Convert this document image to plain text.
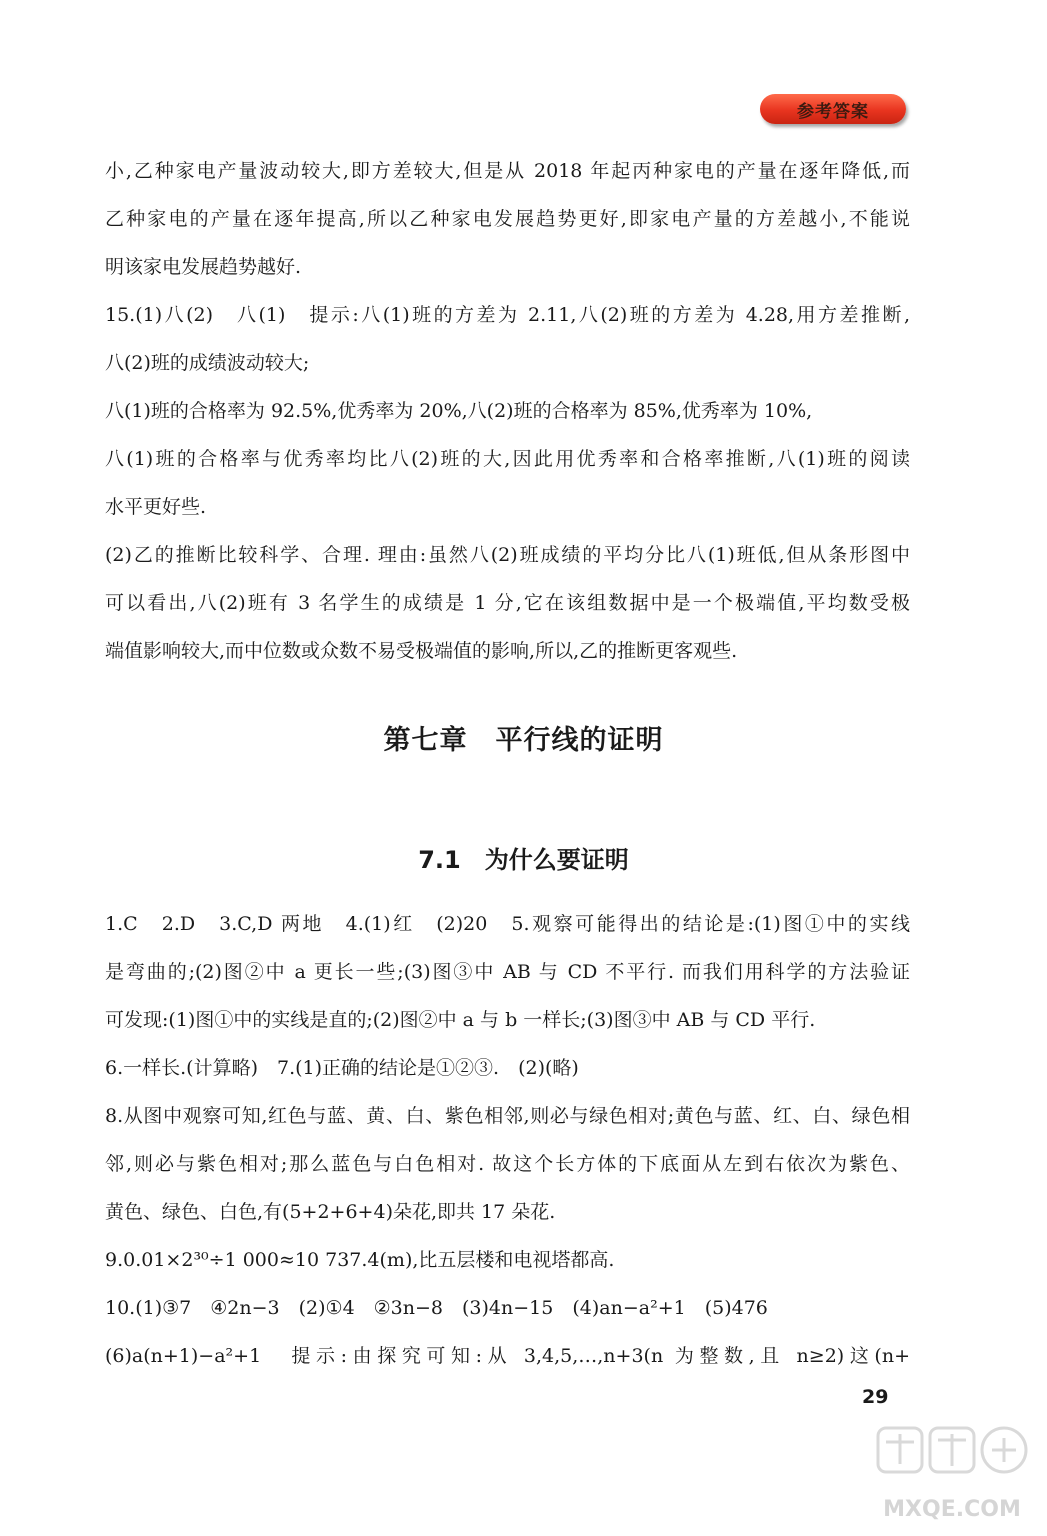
参考答案
小,乙种家电产量波动较大,即方差较大,但是从 2018 年起丙种家电的产量在逐年降低,而
乙种家电的产量在逐年提高,所以乙种家电发展趋势更好,即家电产量的方差越小,不能说
明该家电发展趋势越好.
15.(1)八(2)　八(1)　提示:八(1)班的方差为 2.11,八(2)班的方差为 4.28,用方差推断,
八(2)班的成绩波动较大;
八(1)班的合格率为 92.5%,优秀率为 20%,八(2)班的合格率为 85%,优秀率为 10%,
八(1)班的合格率与优秀率均比八(2)班的大,因此用优秀率和合格率推断,八(1)班的阅读
水平更好些.
(2)乙的推断比较科学、合理. 理由:虽然八(2)班成绩的平均分比八(1)班低,但从条形图中
可以看出,八(2)班有 3 名学生的成绩是 1 分,它在该组数据中是一个极端值,平均数受极
端值影响较大,而中位数或众数不易受极端值的影响,所以,乙的推断更客观些.
第七章　平行线的证明
7.1　为什么要证明
1.C　2.D　3.C,D 两地　4.(1)红　(2)20　5.观察可能得出的结论是:(1)图①中的实线
是弯曲的;(2)图②中 a 更长一些;(3)图③中 AB 与 CD 不平行. 而我们用科学的方法验证
可发现:(1)图①中的实线是直的;(2)图②中 a 与 b 一样长;(3)图③中 AB 与 CD 平行.
6.一样长.(计算略)　7.(1)正确的结论是①②③.　(2)(略)
8.从图中观察可知,红色与蓝、黄、白、紫色相邻,则必与绿色相对;黄色与蓝、红、白、绿色相
邻,则必与紫色相对;那么蓝色与白色相对. 故这个长方体的下底面从左到右依次为紫色、
黄色、绿色、白色,有(5+2+6+4)朵花,即共 17 朵花.
9.0.01×2³⁰÷1 000≈10 737.4(m),比五层楼和电视塔都高.
10.(1)③7　④2n−3　(2)①4　②3n−8　(3)4n−15　(4)an−a²+1　(5)476
(6)a(n+1)−a²+1　提示:由探究可知:从 3,4,5,…,n+3(n 为整数,且 n≥2)这(n+
29
MXQE.COM
